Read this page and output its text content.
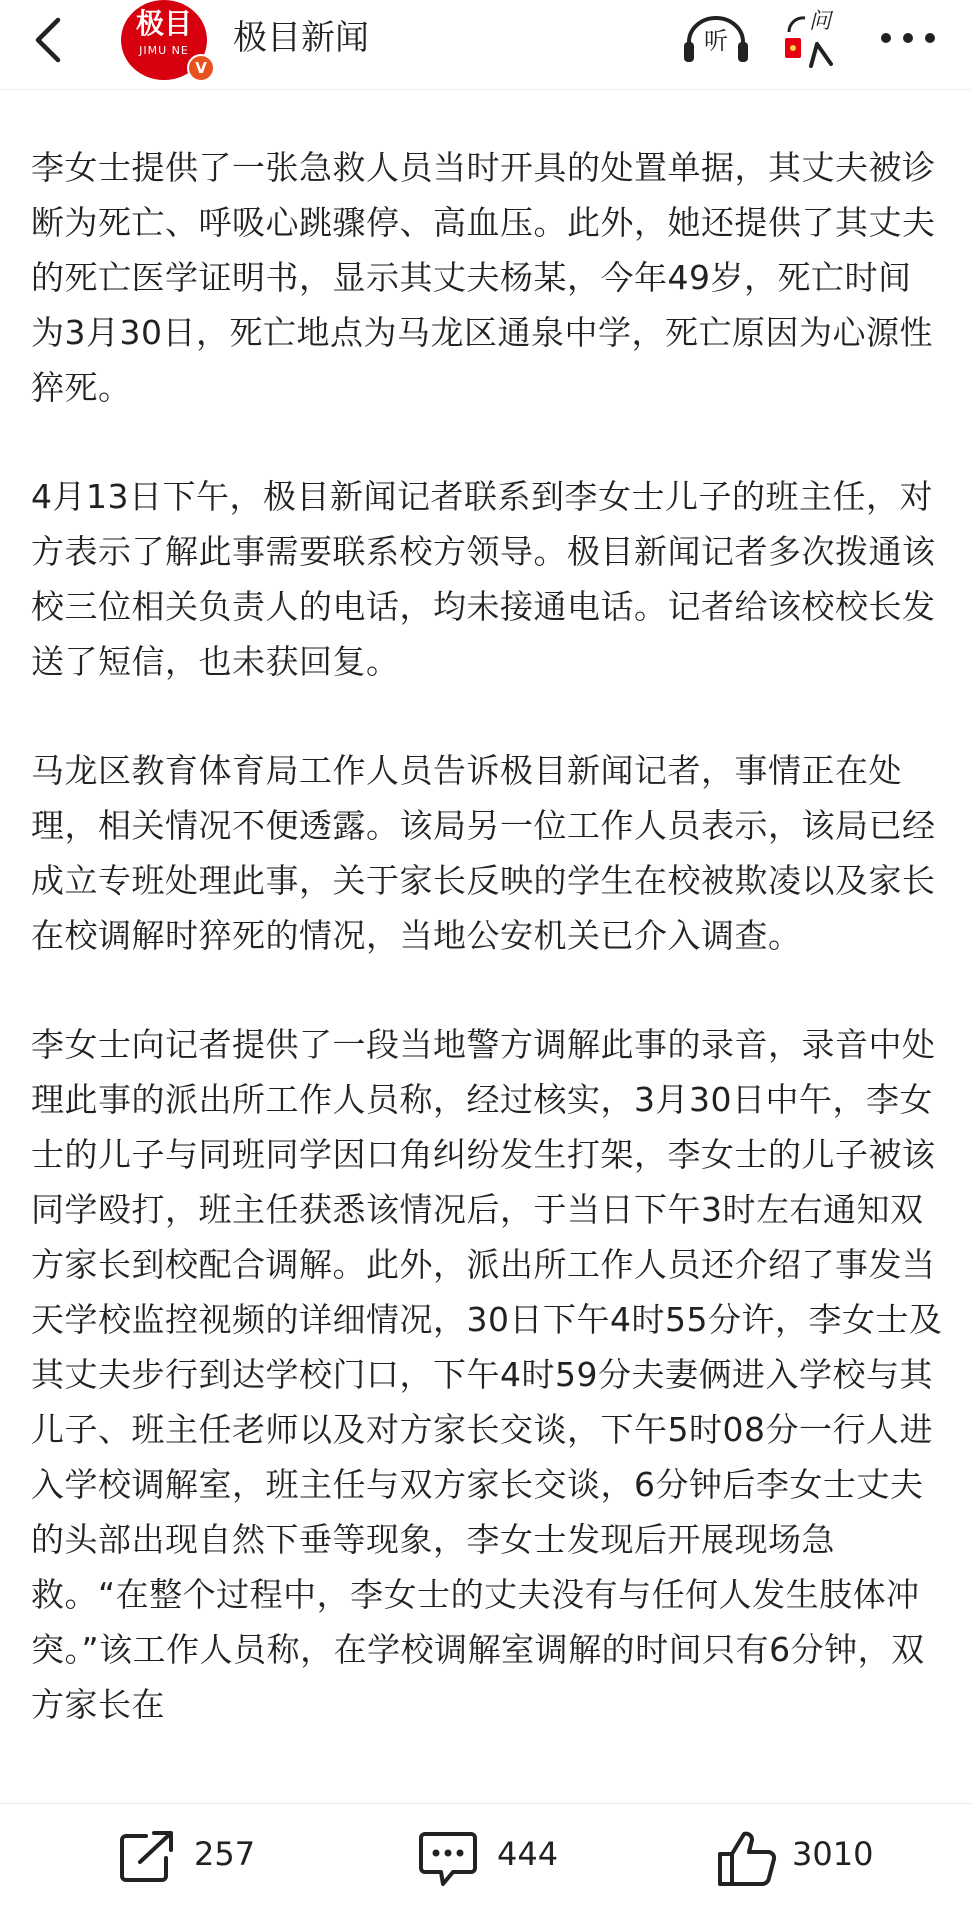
极目
JIMU NE
V
极目新闻	听
问

李女士提供了一张急救人员当时开具的处置单据，其丈夫被诊断为死亡、呼吸心跳骤停、高血压。此外，她还提供了其丈夫的死亡医学证明书，显示其丈夫杨某，今年49岁，死亡时间为3月30日，死亡地点为马龙区通泉中学，死亡原因为心源性猝死。

4月13日下午，极目新闻记者联系到李女士儿子的班主任，对方表示了解此事需要联系校方领导。极目新闻记者多次拨通该校三位相关负责人的电话，均未接通电话。记者给该校校长发送了短信，也未获回复。

马龙区教育体育局工作人员告诉极目新闻记者，事情正在处理，相关情况不便透露。该局另一位工作人员表示，该局已经成立专班处理此事，关于家长反映的学生在校被欺凌以及家长在校调解时猝死的情况，当地公安机关已介入调查。

李女士向记者提供了一段当地警方调解此事的录音，录音中处理此事的派出所工作人员称，经过核实，3月30日中午，李女士的儿子与同班同学因口角纠纷发生打架，李女士的儿子被该同学殴打，班主任获悉该情况后，于当日下午3时左右通知双方家长到校配合调解。此外，派出所工作人员还介绍了事发当天学校监控视频的详细情况，30日下午4时55分许，李女士及其丈夫步行到达学校门口，下午4时59分夫妻俩进入学校与其儿子、班主任老师以及对方家长交谈，下午5时08分一行人进入学校调解室，班主任与双方家长交谈，6分钟后李女士丈夫的头部出现自然下垂等现象，李女士发现后开展现场急救。“在整个过程中，李女士的丈夫没有与任何人发生肢体冲突。”该工作人员称，在学校调解室调解的时间只有6分钟，双方家长在

257	444	3010
